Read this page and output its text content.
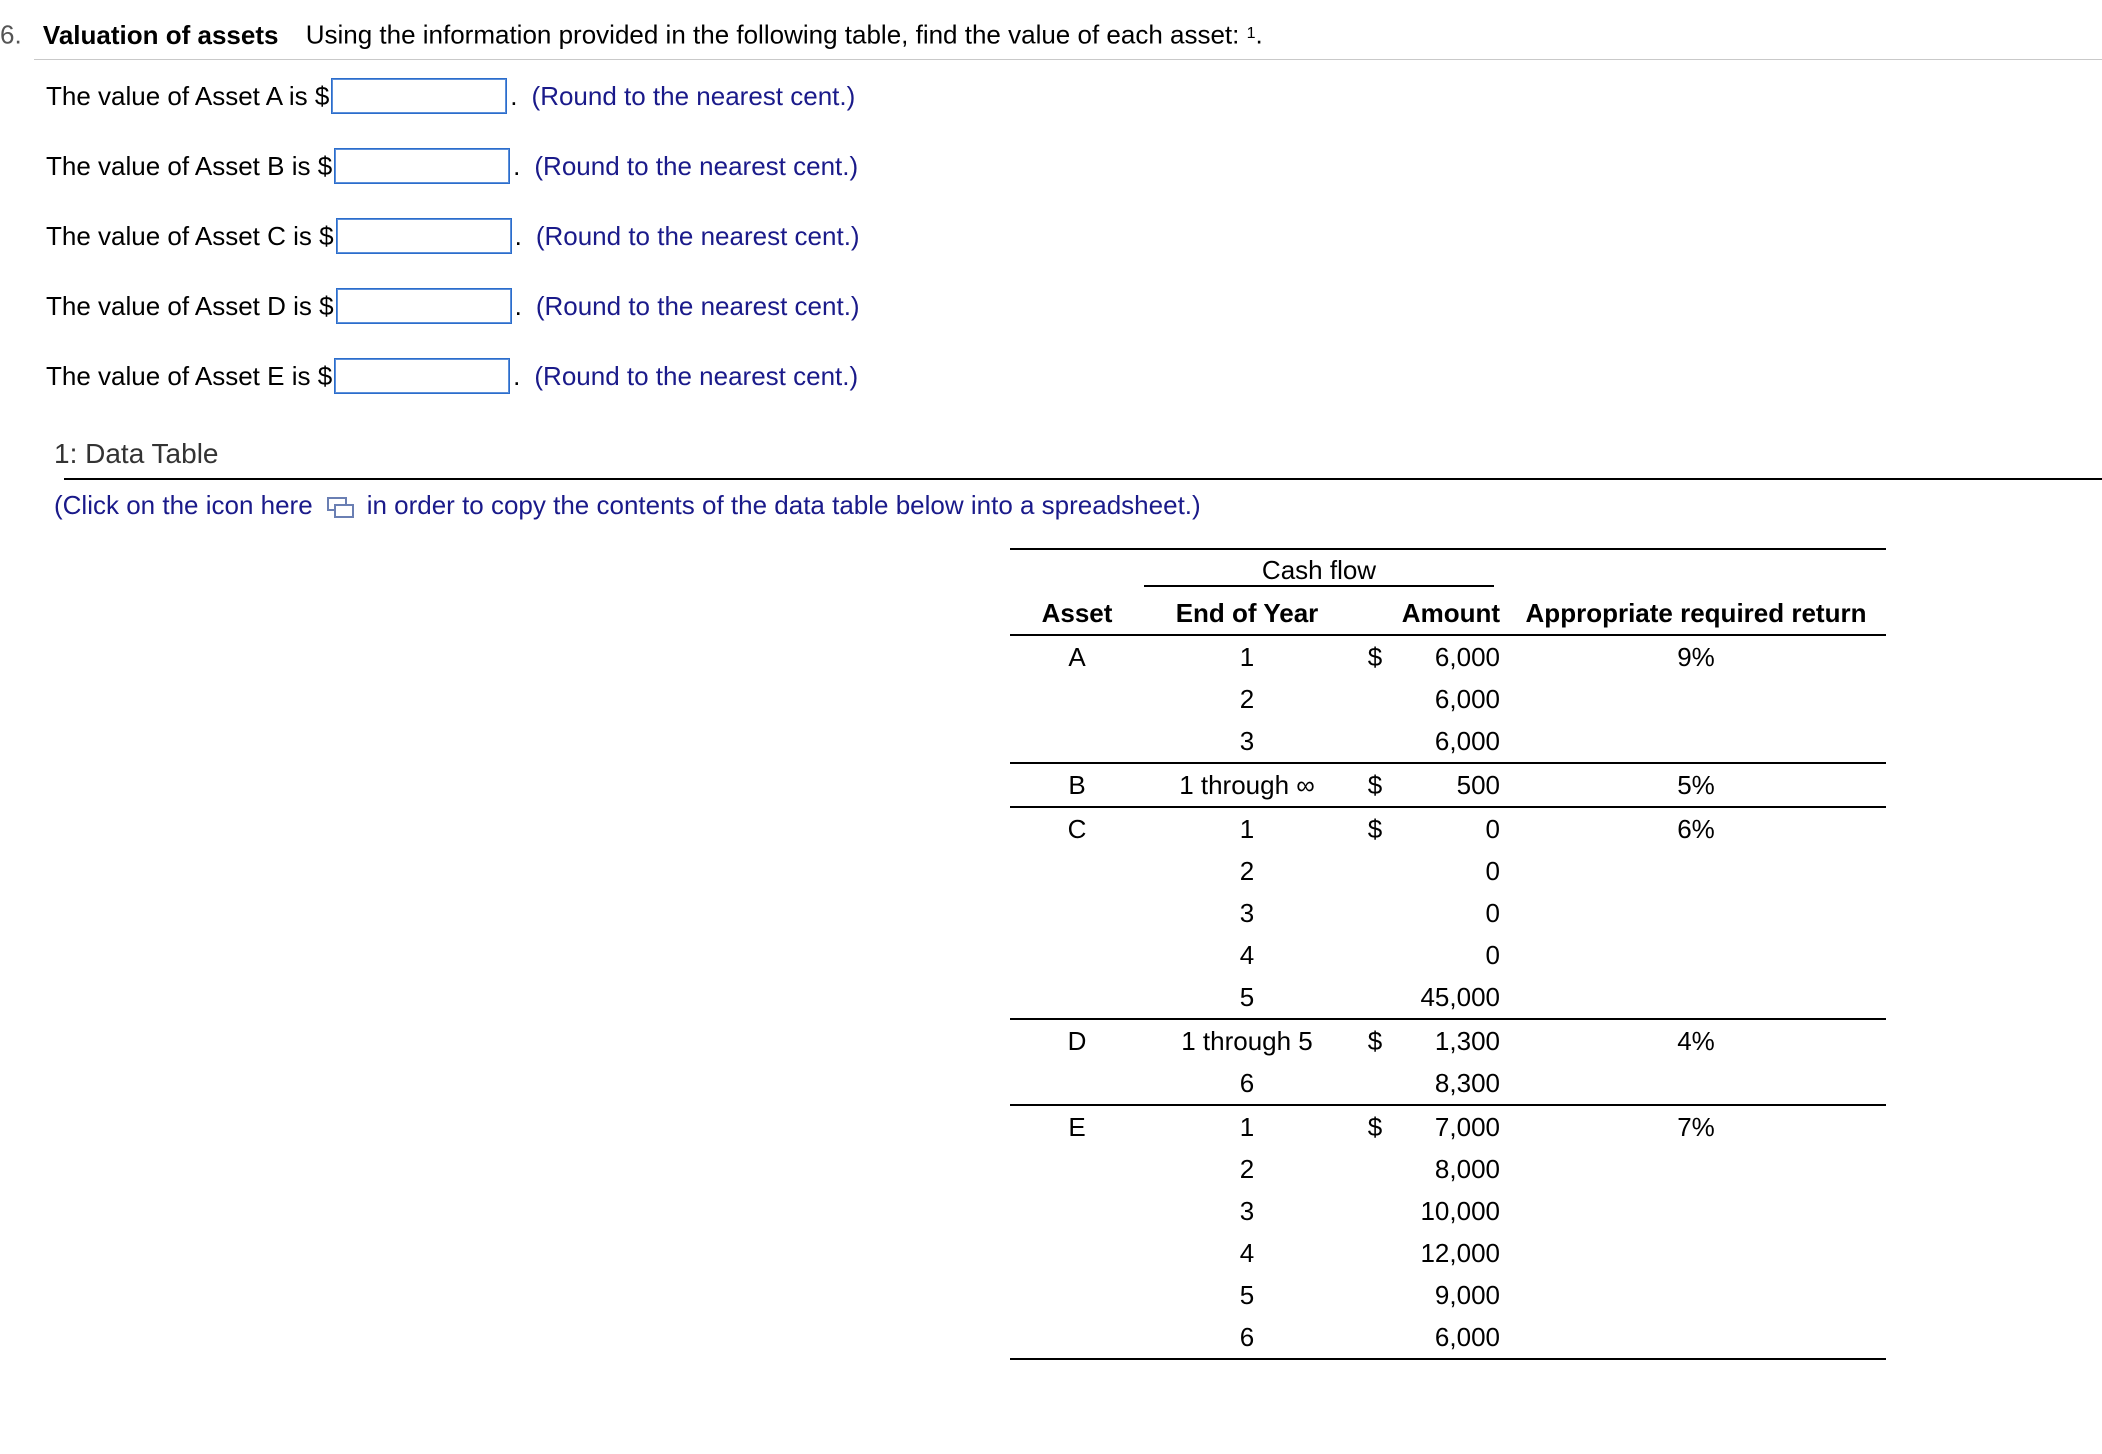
6. Valuation of assets Using the information provided in the following table, find the value of each asset: $^1$.
The value of Asset A is $	. (Round to the nearest cent.)
The value of Asset B is $	. (Round to the nearest cent.)
The value of Asset C is $	. (Round to the nearest cent.)
The value of Asset D is $	. (Round to the nearest cent.)
The value of Asset E is $	. (Round to the nearest cent.)
1: Data Table
(Click on the icon here in order to copy the contents of the data table below into a spreadsheet.)

	Cash flow			

Asset	End of Year	Amount		Appropriate required return
A	1	$	6,000	9%
	2		6,000	
	3		6,000	
B	1 through ∞	$	500	5%
C	1	$	0	6%
	2		0	
	3		0	
	4		0	
	5		45,000	
D	1 through 5	$	1,300	4%
	6		8,300	
E	1	$	7,000	7%
	2		8,000	
	3		10,000	
	4		12,000	
	5		9,000	
	6		6,000	
